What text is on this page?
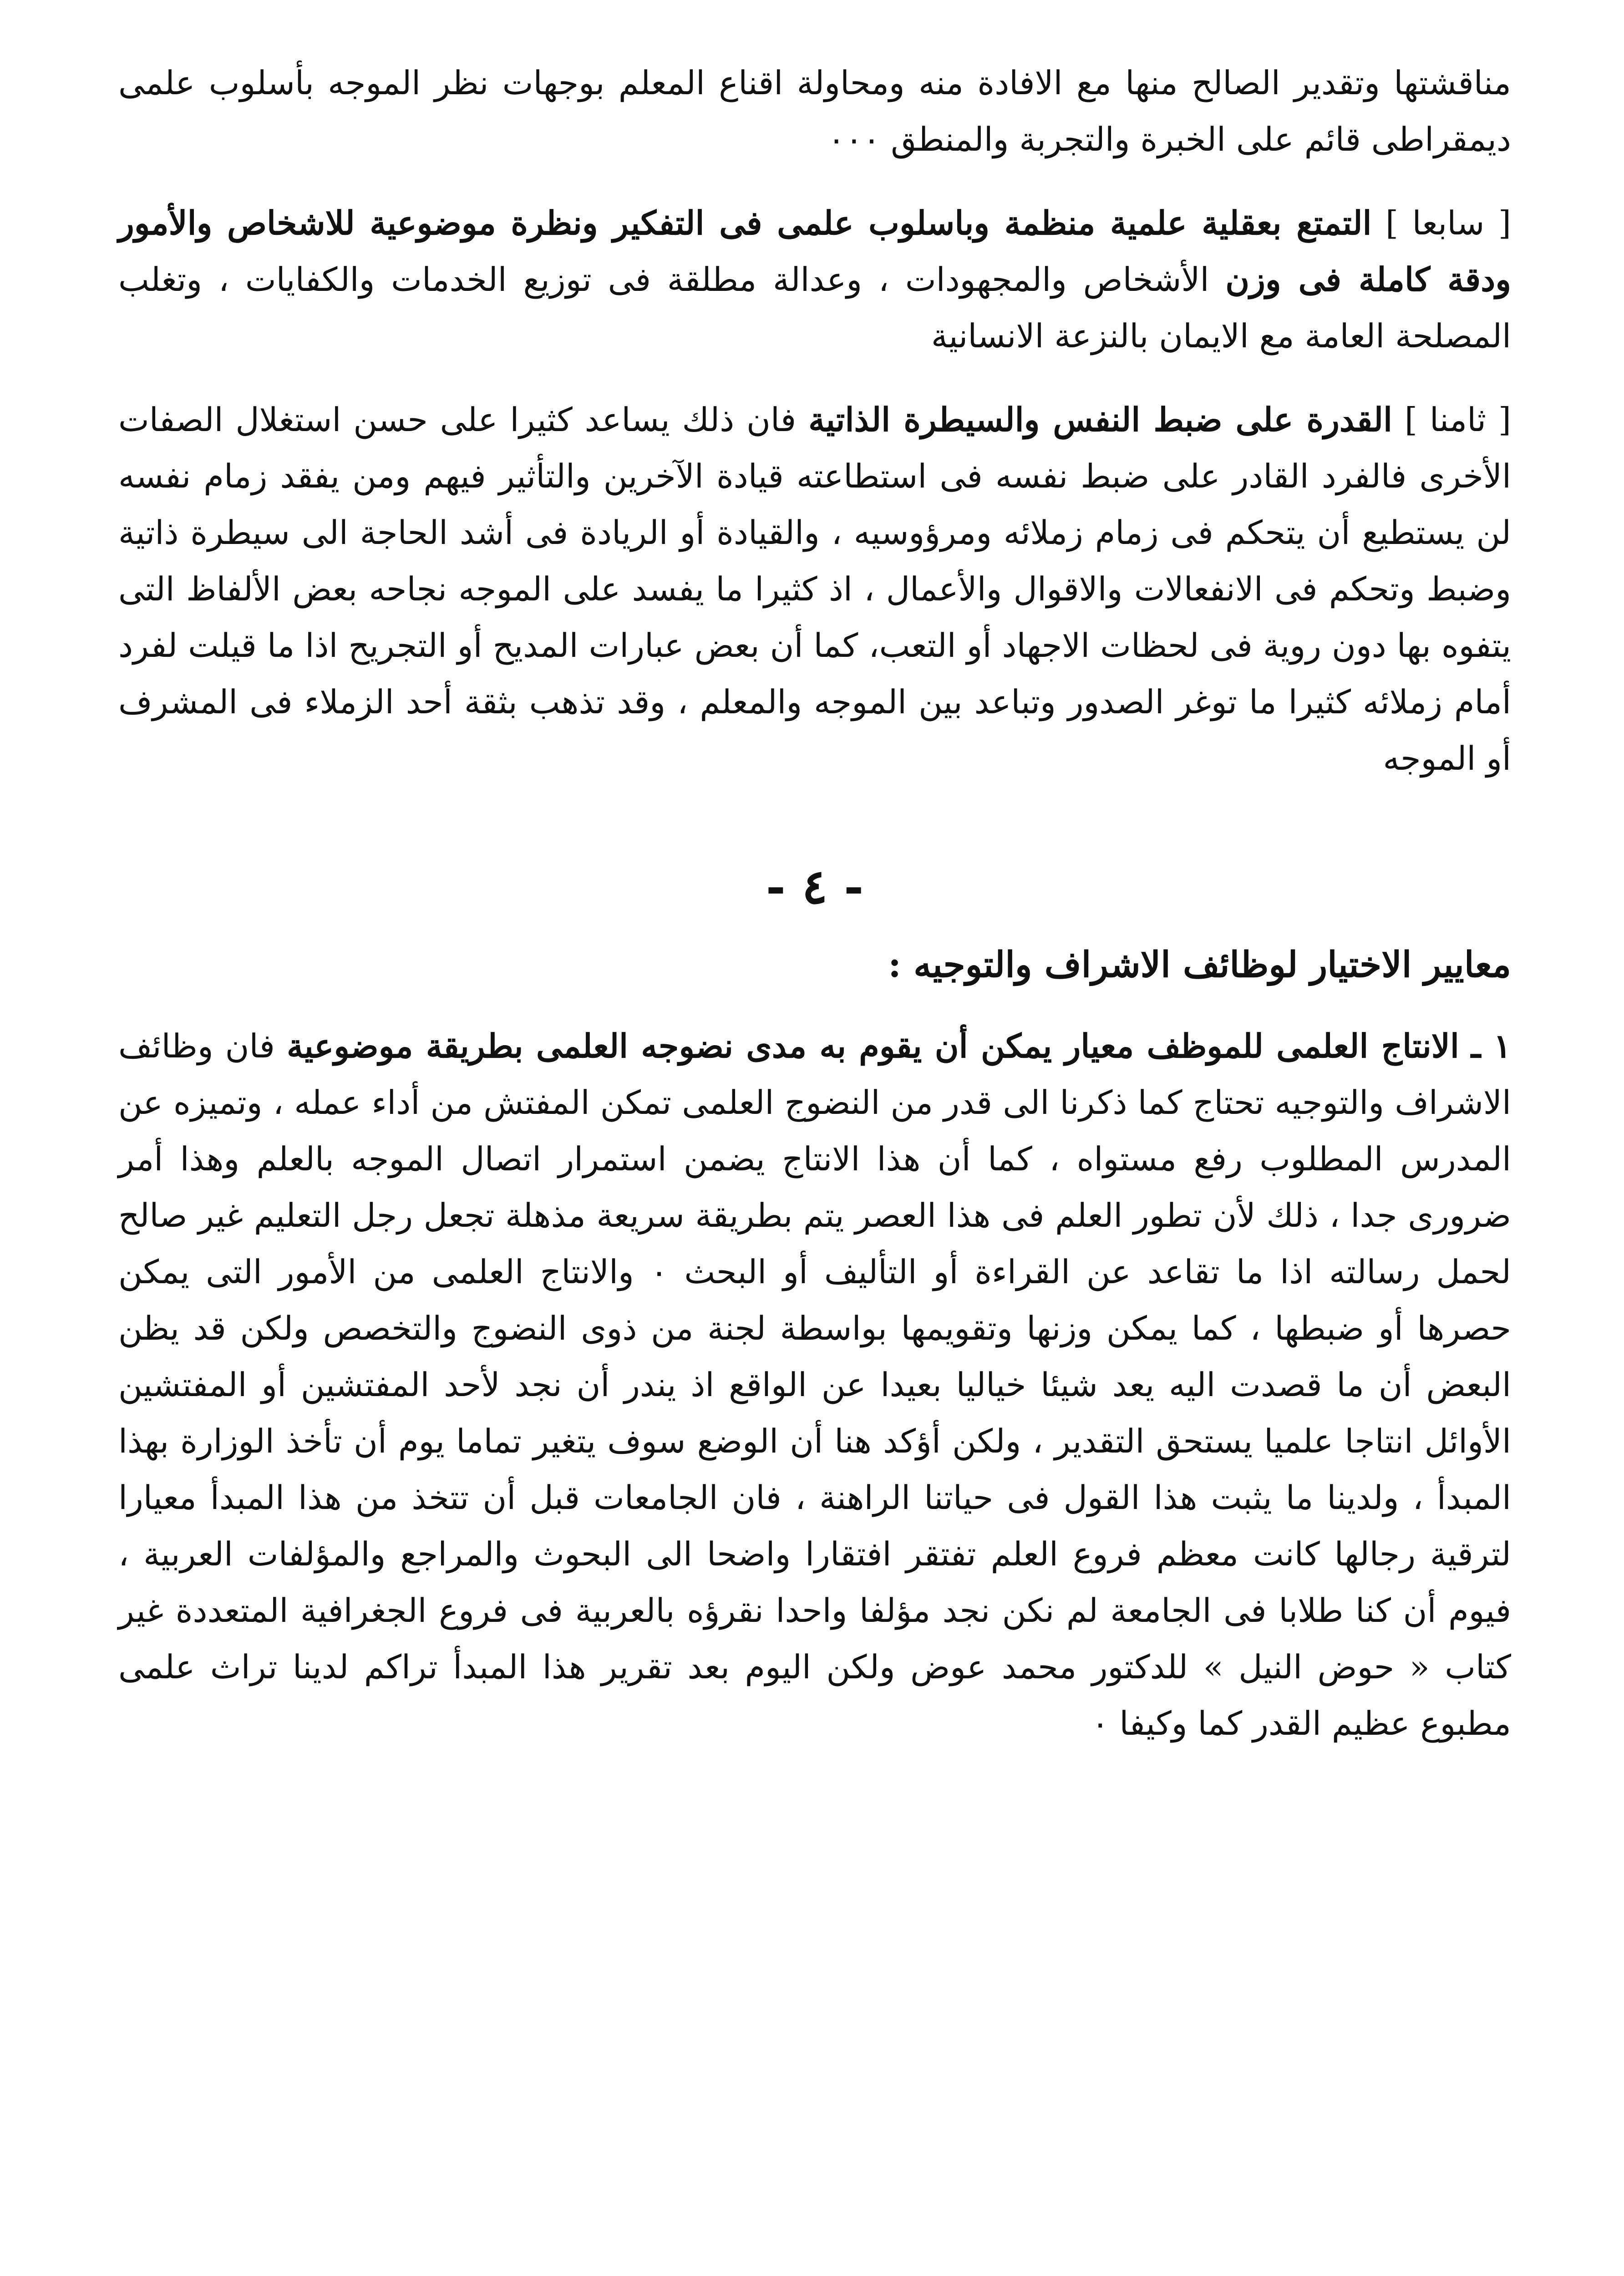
مناقشتها وتقدير الصالح منها مع الافادة منه ومحاولة اقناع المعلم بوجهات نظر الموجه بأسلوب علمى ديمقراطى قائم على الخبرة والتجربة والمنطق ٠٠٠

[ سابعا ] التمتع بعقلية علمية منظمة وباسلوب علمى فى التفكير ونظرة موضوعية للاشخاص والأمور ودقة كاملة فى وزن الأشخاص والمجهودات ، وعدالة مطلقة فى توزيع الخدمات والكفايات ، وتغلب المصلحة العامة مع الايمان بالنزعة الانسانية

[ ثامنا ] القدرة على ضبط النفس والسيطرة الذاتية فان ذلك يساعد كثيرا على حسن استغلال الصفات الأخرى فالفرد القادر على ضبط نفسه فى استطاعته قيادة الآخرين والتأثير فيهم ومن يفقد زمام نفسه لن يستطيع أن يتحكم فى زمام زملائه ومرؤوسيه ، والقيادة أو الريادة فى أشد الحاجة الى سيطرة ذاتية وضبط وتحكم فى الانفعالات والاقوال والأعمال ، اذ كثيرا ما يفسد على الموجه نجاحه بعض الألفاظ التى يتفوه بها دون روية فى لحظات الاجهاد أو التعب، كما أن بعض عبارات المديح أو التجريح اذا ما قيلت لفرد أمام زملائه كثيرا ما توغر الصدور وتباعد بين الموجه والمعلم ، وقد تذهب بثقة أحد الزملاء فى المشرف أو الموجه

- ٤ -
معايير الاختيار لوظائف الاشراف والتوجيه :

١ ـ الانتاج العلمى للموظف معيار يمكن أن يقوم به مدى نضوجه العلمى بطريقة موضوعية فان وظائف الاشراف والتوجيه تحتاج كما ذكرنا الى قدر من النضوج العلمى تمكن المفتش من أداء عمله ، وتميزه عن المدرس المطلوب رفع مستواه ، كما أن هذا الانتاج يضمن استمرار اتصال الموجه بالعلم وهذا أمر ضرورى جدا ، ذلك لأن تطور العلم فى هذا العصر يتم بطريقة سريعة مذهلة تجعل رجل التعليم غير صالح لحمل رسالته اذا ما تقاعد عن القراءة أو التأليف أو البحث ٠ والانتاج العلمى من الأمور التى يمكن حصرها أو ضبطها ، كما يمكن وزنها وتقويمها بواسطة لجنة من ذوى النضوج والتخصص ولكن قد يظن البعض أن ما قصدت اليه يعد شيئا خياليا بعيدا عن الواقع اذ يندر أن نجد لأحد المفتشين أو المفتشين الأوائل انتاجا علميا يستحق التقدير ، ولكن أؤكد هنا أن الوضع سوف يتغير تماما يوم أن تأخذ الوزارة بهذا المبدأ ، ولدينا ما يثبت هذا القول فى حياتنا الراهنة ، فان الجامعات قبل أن تتخذ من هذا المبدأ معيارا لترقية رجالها كانت معظم فروع العلم تفتقر افتقارا واضحا الى البحوث والمراجع والمؤلفات العربية ، فيوم أن كنا طلابا فى الجامعة لم نكن نجد مؤلفا واحدا نقرؤه بالعربية فى فروع الجغرافية المتعددة غير كتاب « حوض النيل » للدكتور محمد عوض ولكن اليوم بعد تقرير هذا المبدأ تراكم لدينا تراث علمى مطبوع عظيم القدر كما وكيفا ٠
